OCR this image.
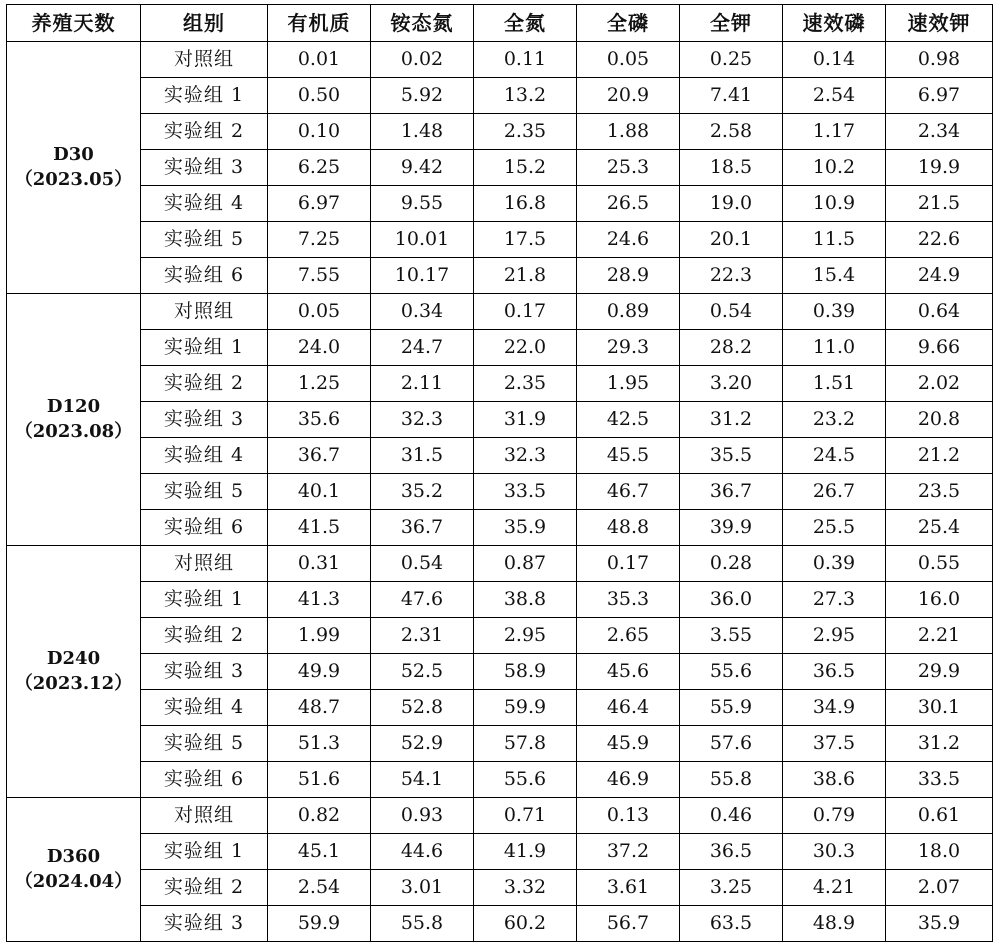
养殖天数	组别	有机质	铵态氮	全氮	全磷	全钾	速效磷	速效钾

D30
（2023.05）	对照组	0.01	0.02	0.11	0.05	0.25	0.14	0.98
	实验组 1	0.50	5.92	13.2	20.9	7.41	2.54	6.97
	实验组 2	0.10	1.48	2.35	1.88	2.58	1.17	2.34
	实验组 3	6.25	9.42	15.2	25.3	18.5	10.2	19.9
	实验组 4	6.97	9.55	16.8	26.5	19.0	10.9	21.5
	实验组 5	7.25	10.01	17.5	24.6	20.1	11.5	22.6
	实验组 6	7.55	10.17	21.8	28.9	22.3	15.4	24.9

D120
（2023.08）	对照组	0.05	0.34	0.17	0.89	0.54	0.39	0.64
	实验组 1	24.0	24.7	22.0	29.3	28.2	11.0	9.66
	实验组 2	1.25	2.11	2.35	1.95	3.20	1.51	2.02
	实验组 3	35.6	32.3	31.9	42.5	31.2	23.2	20.8
	实验组 4	36.7	31.5	32.3	45.5	35.5	24.5	21.2
	实验组 5	40.1	35.2	33.5	46.7	36.7	26.7	23.5
	实验组 6	41.5	36.7	35.9	48.8	39.9	25.5	25.4

D240
（2023.12）	对照组	0.31	0.54	0.87	0.17	0.28	0.39	0.55
	实验组 1	41.3	47.6	38.8	35.3	36.0	27.3	16.0
	实验组 2	1.99	2.31	2.95	2.65	3.55	2.95	2.21
	实验组 3	49.9	52.5	58.9	45.6	55.6	36.5	29.9
	实验组 4	48.7	52.8	59.9	46.4	55.9	34.9	30.1
	实验组 5	51.3	52.9	57.8	45.9	57.6	37.5	31.2
	实验组 6	51.6	54.1	55.6	46.9	55.8	38.6	33.5

D360
（2024.04）	对照组	0.82	0.93	0.71	0.13	0.46	0.79	0.61
	实验组 1	45.1	44.6	41.9	37.2	36.5	30.3	18.0
	实验组 2	2.54	3.01	3.32	3.61	3.25	4.21	2.07
	实验组 3	59.9	55.8	60.2	56.7	63.5	48.9	35.9
